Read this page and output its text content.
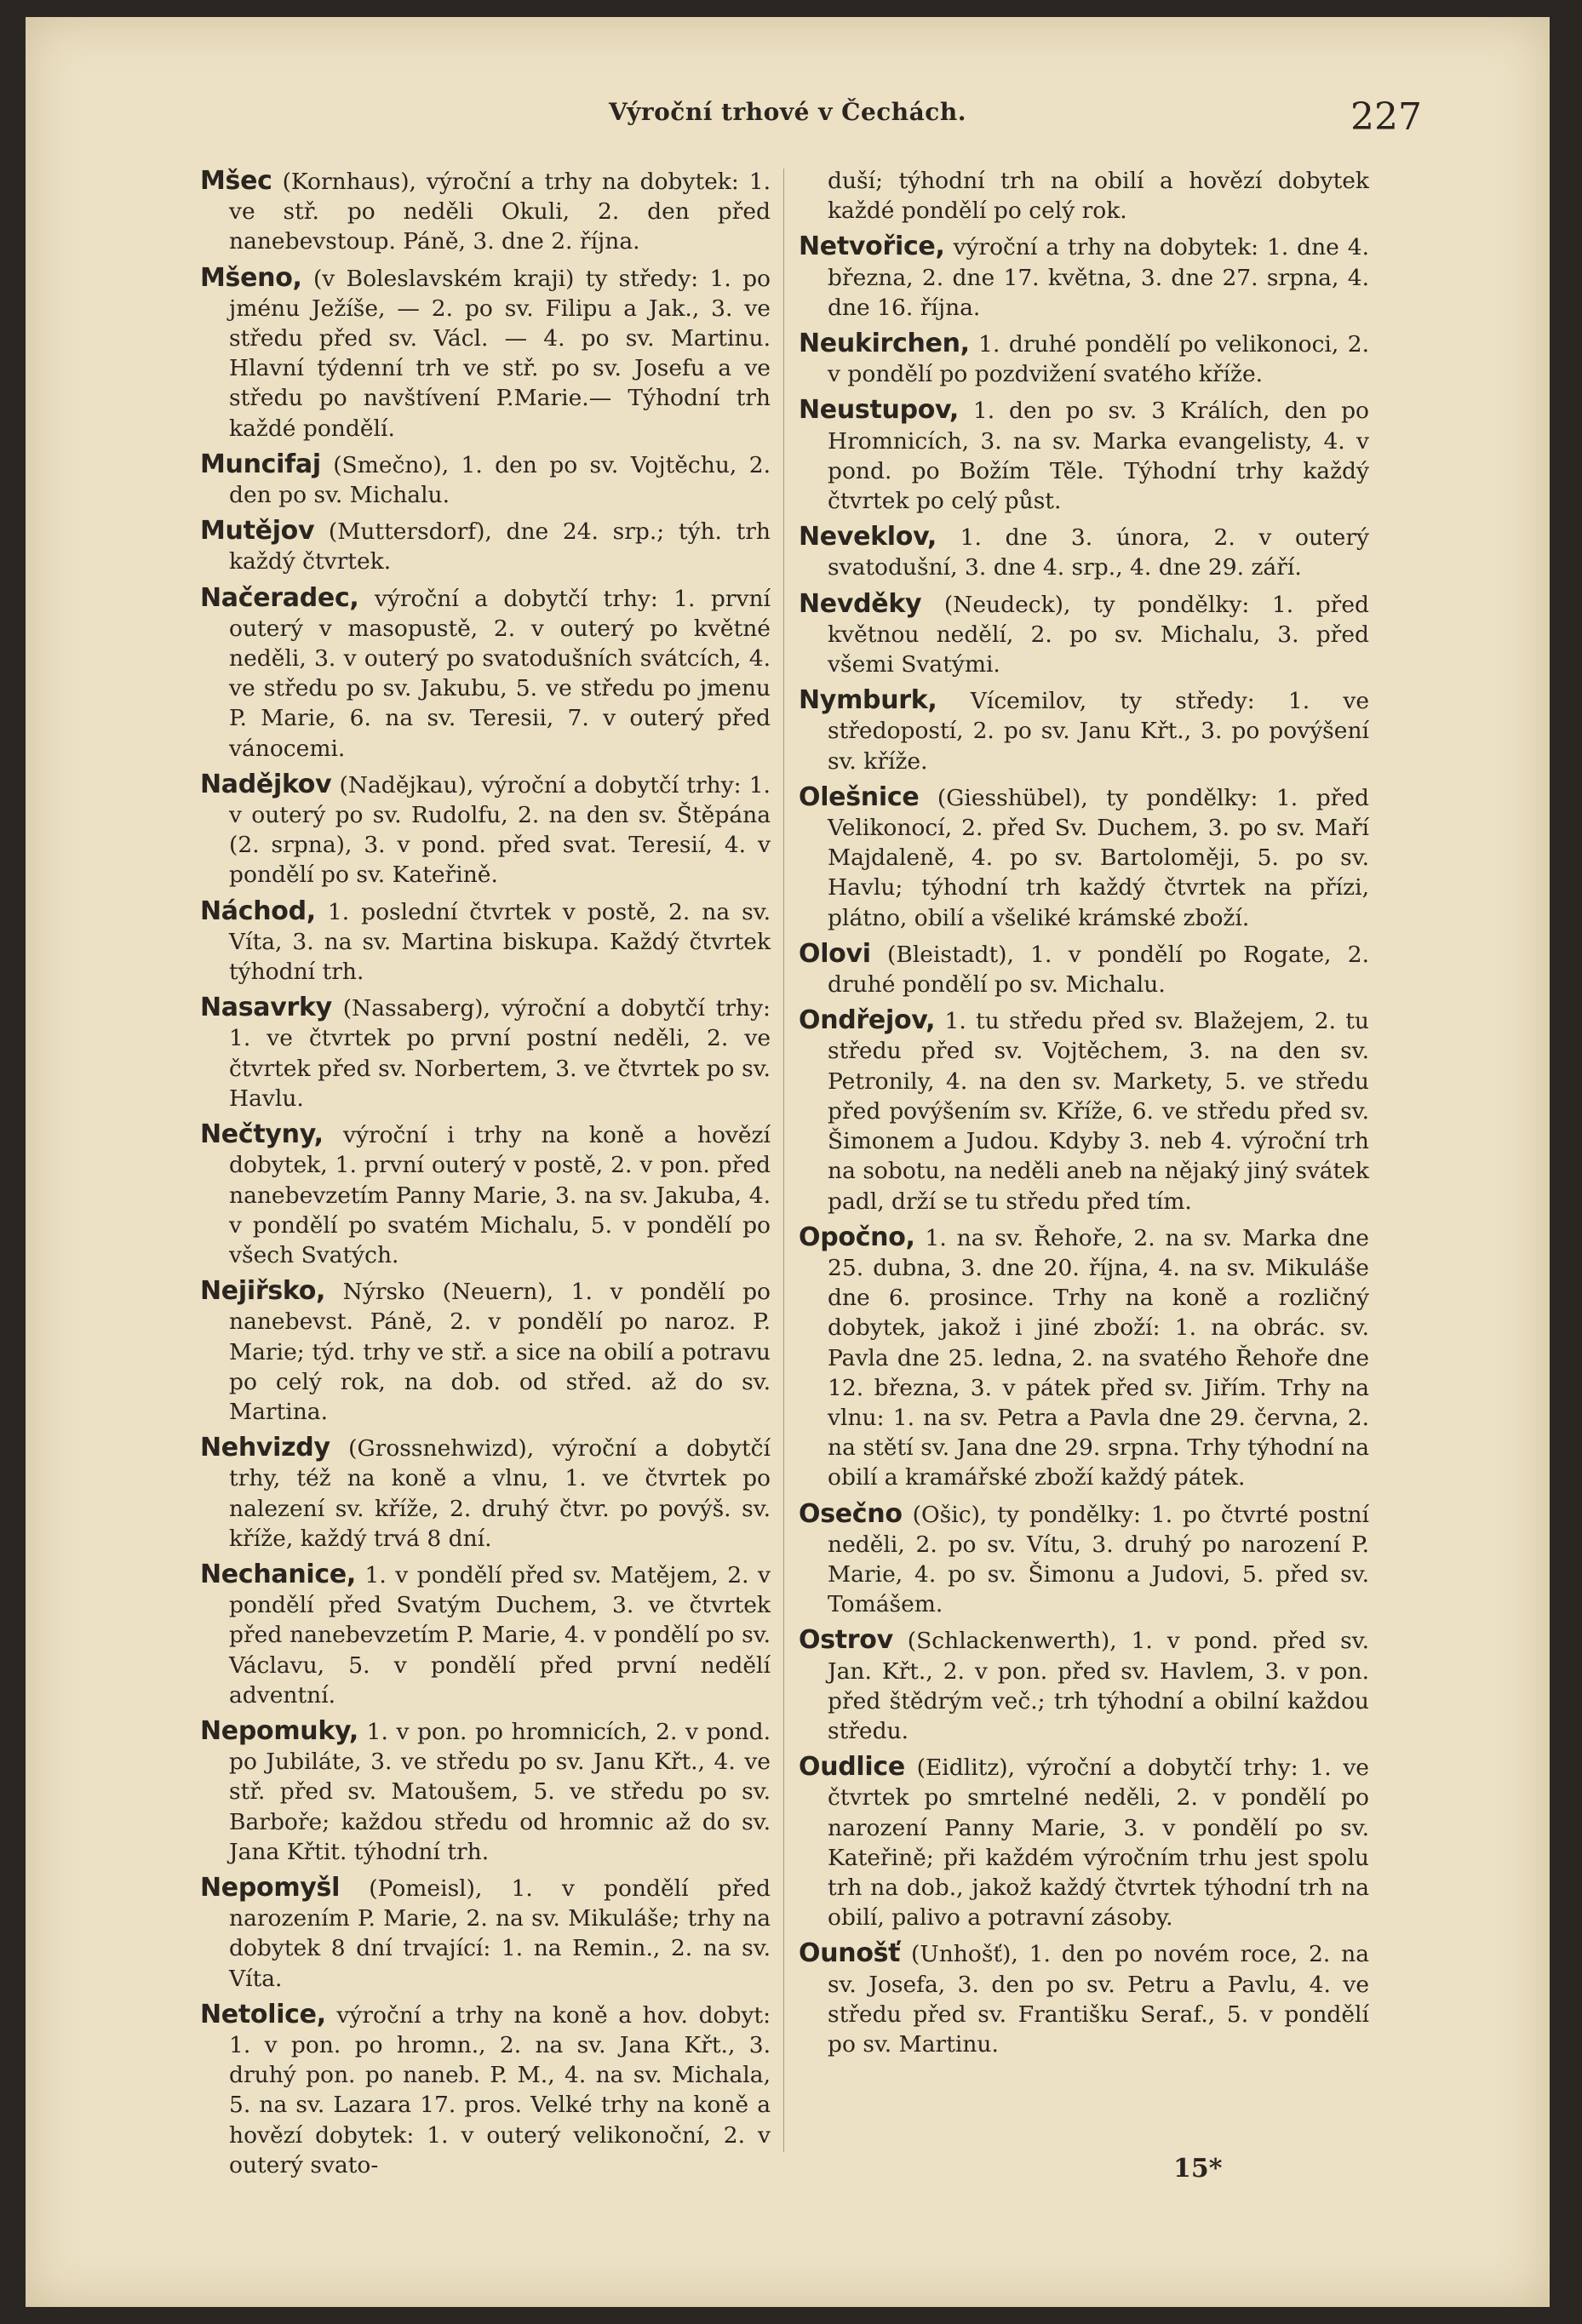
Výroční trhové v Čechách.	227

Mšec (Kornhaus), výroční a trhy na dobytek: 1. ve stř. po neděli Okuli, 2. den před nanebevstoup. Páně, 3. dne 2. října.

Mšeno, (v Boleslavském kraji) ty středy: 1. po jménu Ježíše, — 2. po sv. Filipu a Jak., 3. ve středu před sv. Václ. — 4. po sv. Martinu. Hlavní týdenní trh ve stř. po sv. Josefu a ve středu po navštívení P.Marie.— Týhodní trh každé pondělí.

Muncifaj (Smečno), 1. den po sv. Vojtěchu, 2. den po sv. Michalu.

Mutějov (Muttersdorf), dne 24. srp.; týh. trh každý čtvrtek.

Načeradec, výroční a dobytčí trhy: 1. první outerý v masopustě, 2. v outerý po květné neděli, 3. v outerý po svatodušních svátcích, 4. ve středu po sv. Jakubu, 5. ve středu po jmenu P. Marie, 6. na sv. Teresii, 7. v outerý před vánocemi.

Nadějkov (Nadějkau), výroční a dobytčí trhy: 1. v outerý po sv. Rudolfu, 2. na den sv. Štěpána (2. srpna), 3. v pond. před svat. Teresií, 4. v pondělí po sv. Kateřině.

Náchod, 1. poslední čtvrtek v postě, 2. na sv. Víta, 3. na sv. Martina biskupa. Každý čtvrtek týhodní trh.

Nasavrky (Nassaberg), výroční a dobytčí trhy: 1. ve čtvrtek po první postní neděli, 2. ve čtvrtek před sv. Norbertem, 3. ve čtvrtek po sv. Havlu.

Nečtyny, výroční i trhy na koně a hovězí dobytek, 1. první outerý v postě, 2. v pon. před nanebevzetím Panny Marie, 3. na sv. Jakuba, 4. v pondělí po svatém Michalu, 5. v pondělí po všech Svatých.

Nejiřsko, Nýrsko (Neuern), 1. v pondělí po nanebevst. Páně, 2. v pondělí po naroz. P. Marie; týd. trhy ve stř. a sice na obilí a potravu po celý rok, na dob. od střed. až do sv. Martina.

Nehvizdy (Grossnehwizd), výroční a dobytčí trhy, též na koně a vlnu, 1. ve čtvrtek po nalezení sv. kříže, 2. druhý čtvr. po povýš. sv. kříže, každý trvá 8 dní.

Nechanice, 1. v pondělí před sv. Matějem, 2. v pondělí před Svatým Duchem, 3. ve čtvrtek před nanebevzetím P. Marie, 4. v pondělí po sv. Václavu, 5. v pondělí před první nedělí adventní.

Nepomuky, 1. v pon. po hromnicích, 2. v pond. po Jubiláte, 3. ve středu po sv. Janu Křt., 4. ve stř. před sv. Matoušem, 5. ve středu po sv. Barboře; každou středu od hromnic až do sv. Jana Křtit. týhodní trh.

Nepomyšl (Pomeisl), 1. v pondělí před narozením P. Marie, 2. na sv. Mikuláše; trhy na dobytek 8 dní trvající: 1. na Remin., 2. na sv. Víta.

Netolice, výroční a trhy na koně a hov. dobyt: 1. v pon. po hromn., 2. na sv. Jana Křt., 3. druhý pon. po naneb. P. M., 4. na sv. Michala, 5. na sv. Lazara 17. pros. Velké trhy na koně a hovězí dobytek: 1. v outerý velikonoční, 2. v outerý svato-

duší; týhodní trh na obilí a hovězí dobytek každé pondělí po celý rok.

Netvořice, výroční a trhy na dobytek: 1. dne 4. března, 2. dne 17. května, 3. dne 27. srpna, 4. dne 16. října.

Neukirchen, 1. druhé pondělí po velikonoci, 2. v pondělí po pozdvižení svatého kříže.

Neustupov, 1. den po sv. 3 Králích, den po Hromnicích, 3. na sv. Marka evangelisty, 4. v pond. po Božím Těle. Týhodní trhy každý čtvrtek po celý půst.

Neveklov, 1. dne 3. února, 2. v outerý svatodušní, 3. dne 4. srp., 4. dne 29. září.

Nevděky (Neudeck), ty pondělky: 1. před květnou nedělí, 2. po sv. Michalu, 3. před všemi Svatými.

Nymburk, Vícemilov, ty středy: 1. ve středopostí, 2. po sv. Janu Křt., 3. po povýšení sv. kříže.

Olešnice (Giesshübel), ty pondělky: 1. před Velikonocí, 2. před Sv. Duchem, 3. po sv. Maří Majdaleně, 4. po sv. Bartoloměji, 5. po sv. Havlu; týhodní trh každý čtvrtek na přízi, plátno, obilí a všeliké krámské zboží.

Olovi (Bleistadt), 1. v pondělí po Rogate, 2. druhé pondělí po sv. Michalu.

Ondřejov, 1. tu středu před sv. Blažejem, 2. tu středu před sv. Vojtěchem, 3. na den sv. Petronily, 4. na den sv. Markety, 5. ve středu před povýšením sv. Kříže, 6. ve středu před sv. Šimonem a Judou. Kdyby 3. neb 4. výroční trh na sobotu, na neděli aneb na nějaký jiný svátek padl, drží se tu středu před tím.

Opočno, 1. na sv. Řehoře, 2. na sv. Marka dne 25. dubna, 3. dne 20. října, 4. na sv. Mikuláše dne 6. prosince. Trhy na koně a rozličný dobytek, jakož i jiné zboží: 1. na obrác. sv. Pavla dne 25. ledna, 2. na svatého Řehoře dne 12. března, 3. v pátek před sv. Jiřím. Trhy na vlnu: 1. na sv. Petra a Pavla dne 29. června, 2. na stětí sv. Jana dne 29. srpna. Trhy týhodní na obilí a kramářské zboží každý pátek.

Osečno (Ošic), ty pondělky: 1. po čtvrté postní neděli, 2. po sv. Vítu, 3. druhý po narození P. Marie, 4. po sv. Šimonu a Judovi, 5. před sv. Tomášem.

Ostrov (Schlackenwerth), 1. v pond. před sv. Jan. Křt., 2. v pon. před sv. Havlem, 3. v pon. před štědrým več.; trh týhodní a obilní každou středu.

Oudlice (Eidlitz), výroční a dobytčí trhy: 1. ve čtvrtek po smrtelné neděli, 2. v pondělí po narození Panny Marie, 3. v pondělí po sv. Kateřině; při každém výročním trhu jest spolu trh na dob., jakož každý čtvrtek týhodní trh na obilí, palivo a potravní zásoby.

Ounošť (Unhošť), 1. den po novém roce, 2. na sv. Josefa, 3. den po sv. Petru a Pavlu, 4. ve středu před sv. Františku Seraf., 5. v pondělí po sv. Martinu.

15*
